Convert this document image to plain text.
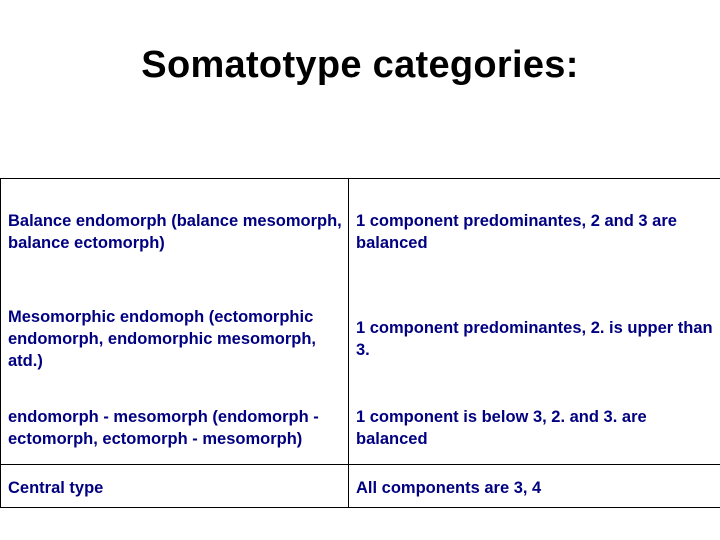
Somatotype categories:
Balance endomorph (balance mesomorph, balance ectomorph)
1 component predominantes, 2 and 3 are balanced
Mesomorphic endomoph (ectomorphic endomorph, endomorphic mesomorph, atd.)
1 component predominantes, 2. is upper than 3.
endomorph - mesomorph (endomorph - ectomorph, ectomorph - mesomorph)
1 component is below 3, 2. and 3. are balanced
Central type	All components are 3, 4
